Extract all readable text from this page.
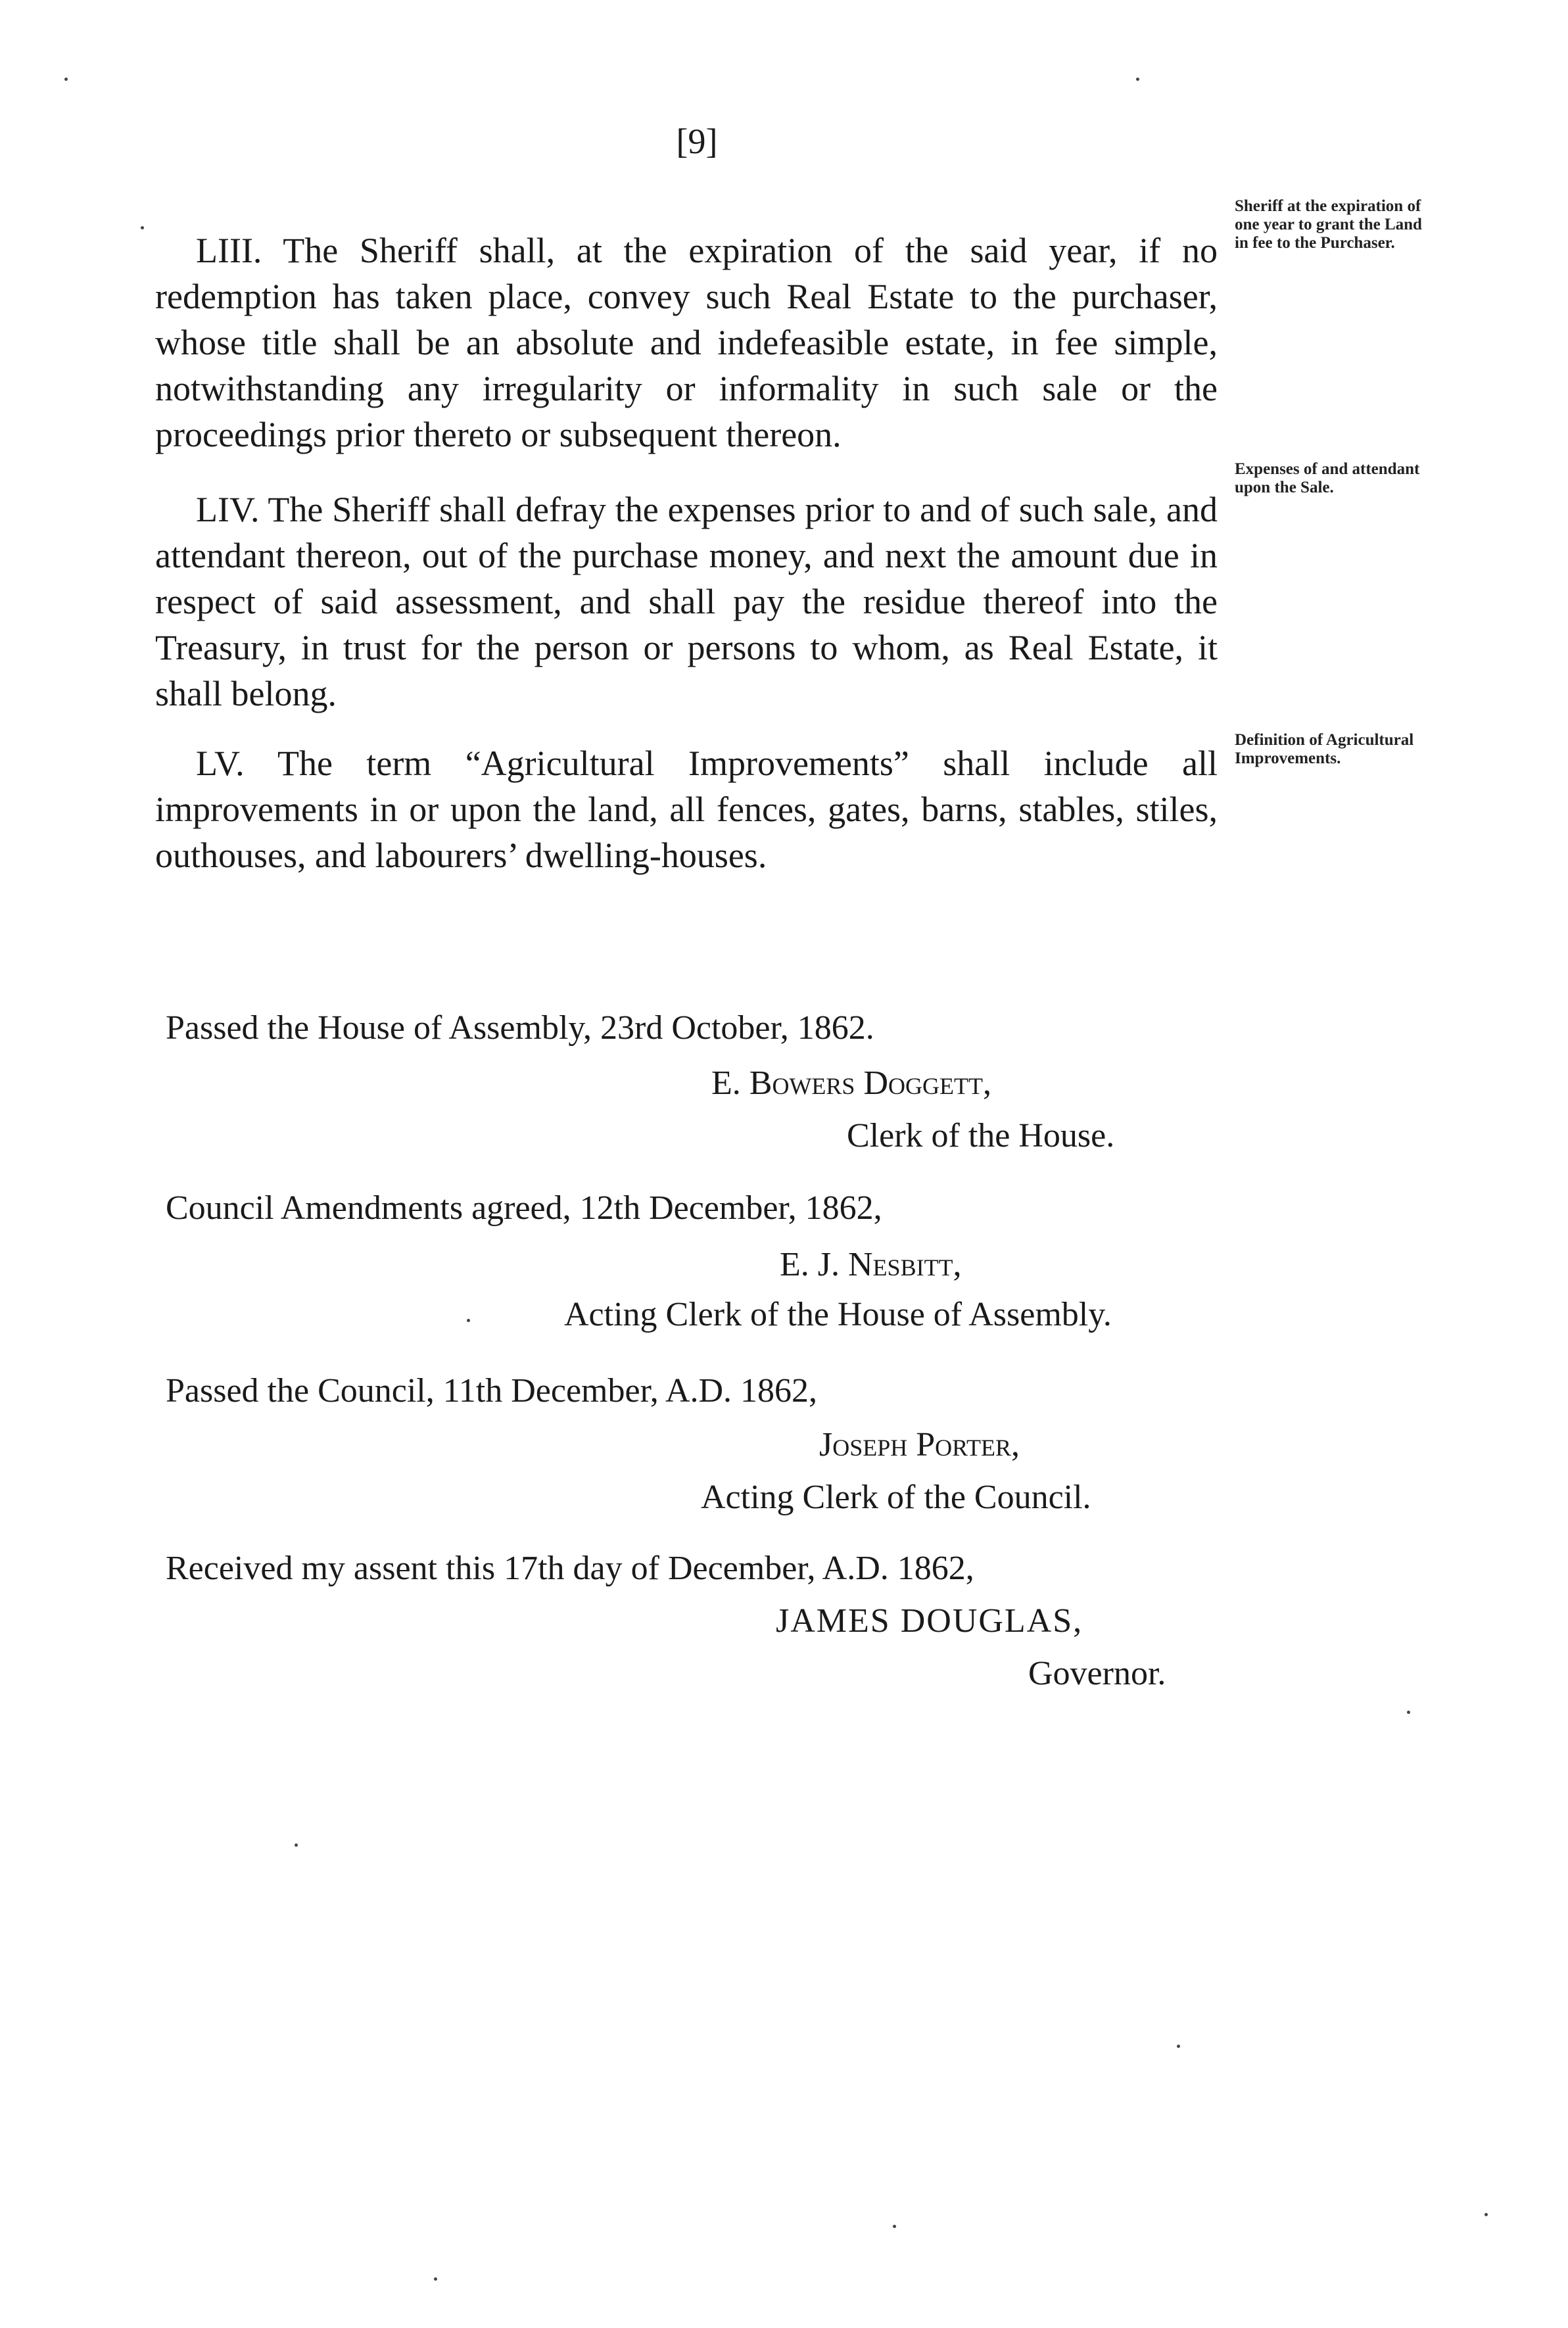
[9]

LIII. The Sheriff shall, at the expiration of the said year, if no redemption has taken place, convey such Real Estate to the purchaser, whose title shall be an absolute and indefeasible estate, in fee simple, notwithstanding any irregularity or informality in such sale or the proceedings prior thereto or subsequent thereon.

Sheriff at the expiration of one year to grant the Land in fee to the Purchaser.

LIV. The Sheriff shall defray the expenses prior to and of such sale, and attendant thereon, out of the purchase money, and next the amount due in respect of said assessment, and shall pay the residue thereof into the Treasury, in trust for the person or persons to whom, as Real Estate, it shall belong.

Expenses of and attendant upon the Sale.

LV. The term “Agricultural Improvements” shall include all improvements in or upon the land, all fences, gates, barns, stables, stiles, outhouses, and labourers’ dwelling-houses.

Definition of Agricultural Improvements.
Passed the House of Assembly, 23rd October, 1862.
E. Bowers Doggett,
Clerk of the House.
Council Amendments agreed, 12th December, 1862,
E. J. Nesbitt,
Acting Clerk of the House of Assembly.
Passed the Council, 11th December, A.D. 1862,
Joseph Porter,
Acting Clerk of the Council.
Received my assent this 17th day of December, A.D. 1862,
JAMES DOUGLAS,
Governor.
